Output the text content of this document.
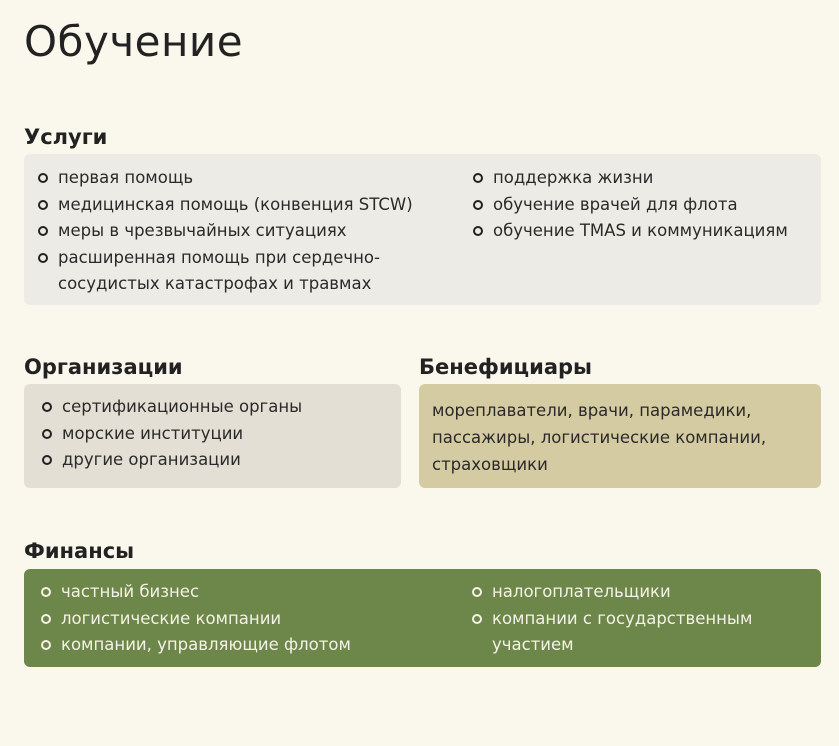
Обучение
Услуги
первая помощь
медицинская помощь (конвенция STCW)
меры в чрезвычайных ситуациях
расширенная помощь при сердечно-сосудистых катастрофах и травмах
поддержка жизни
обучение врачей для флота
обучение TMAS и коммуникациям
Организации
сертификационные органы
морские институции
другие организации
Бенефициары

мореплаватели, врачи, парамедики, пассажиры, логистические компании, страховщики

Финансы
частный бизнес
логистические компании
компании, управляющие флотом
налогоплательщики
компании с государственным участием
